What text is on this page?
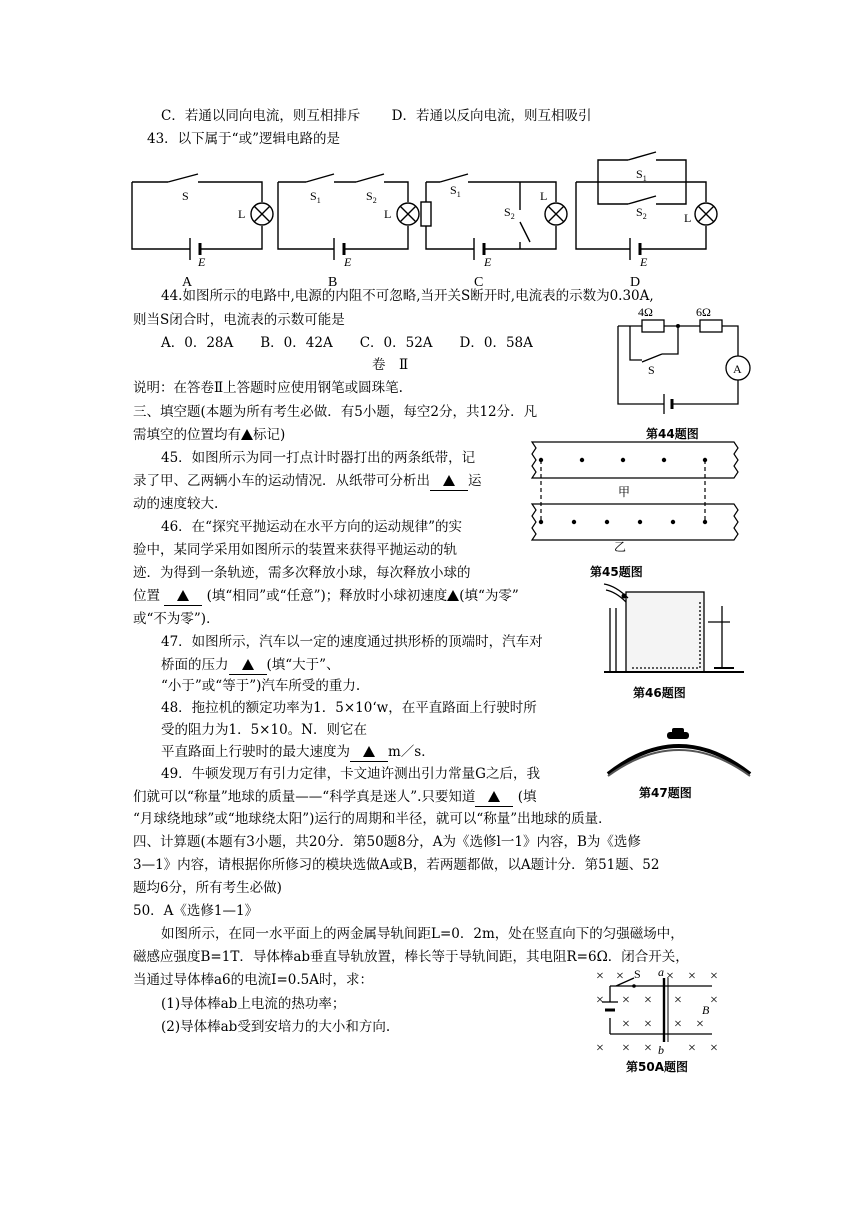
C．若通以同向电流，则互相排斥　　 D．若通以反向电流，则互相吸引
43．以下属于“或”逻辑电路的是
E	E	E	E
S
L
$S_1$	$S_2$
L
$S_1$
$S_2$
L
$S_1$
$S_2$	L
A	B	C	D
44.如图所示的电路中,电源的内阻不可忽略,当开关S断开时,电流表的示数为0.30A,
则当S闭合时，电流表的示数可能是
A．0．28A　　B．0．42A　　C．0．52A　　D．0．58A
卷　Ⅱ
说明：在答卷Ⅱ上答题时应使用钢笔或圆珠笔.
三、填空题(本题为所有考生必做．有5小题，每空2分，共12分．凡
需填空的位置均有 标记)
4Ω	6Ω
S	A
第44题图
45．如图所示为同一打点计时器打出的两条纸带，记
录了甲、乙两辆小车的运动情况．从纸带可分析出	运
动的速度较大.
甲
乙
第45题图
46．在“探究平抛运动在水平方向的运动规律”的实
验中，某同学采用如图所示的装置来获得平抛运动的轨
迹．为得到一条轨迹，需多次释放小球，每次释放小球的
位置	(填“相同”或“任意”)；释放时小球初速度 (填“为零”
或“不为零”)．
第46题图
47．如图所示，汽车以一定的速度通过拱形桥的顶端时，汽车对
桥面的压力	(填“大于”、
“小于”或“等于”)汽车所受的重力.
48．拖拉机的额定功率为1．5×10‘w，在平直路面上行驶时所
受的阻力为1．5×10。N．则它在
平直路面上行驶时的最大速度为	m／s．
第47题图
49．牛顿发现万有引力定律，卡文迪许测出引力常量G之后，我
们就可以“称量”地球的质量——“科学真是迷人”.只要知道	(填
“月球绕地球”或“地球绕太阳”)运行的周期和半径，就可以“称量”出地球的质量．
四、计算题(本题有3小题，共20分．第50题8分，A为《选修l一1》内容，B为《选修
3—1》内容，请根据你所修习的模块选做A或B，若两题都做，以A题计分．第51题、52
题均6分，所有考生必做)
50．A《选修1—1》
如图所示，在同一水平面上的两金属导轨间距L=0．2m，处在竖直向下的匀强磁场中，
磁感应强度B=1T．导体棒ab垂直导轨放置，棒长等于导轨间距，其电阻R=6Ω．闭合开关，
当通过导体棒a6的电流I=0.5A时，求：
(1)导体棒ab上电流的热功率；
(2)导体棒ab受到安培力的大小和方向.
× ×	× × ×
× × × × ×
× × × ×
× × ×	× ×
S a
b
B
第50A题图
